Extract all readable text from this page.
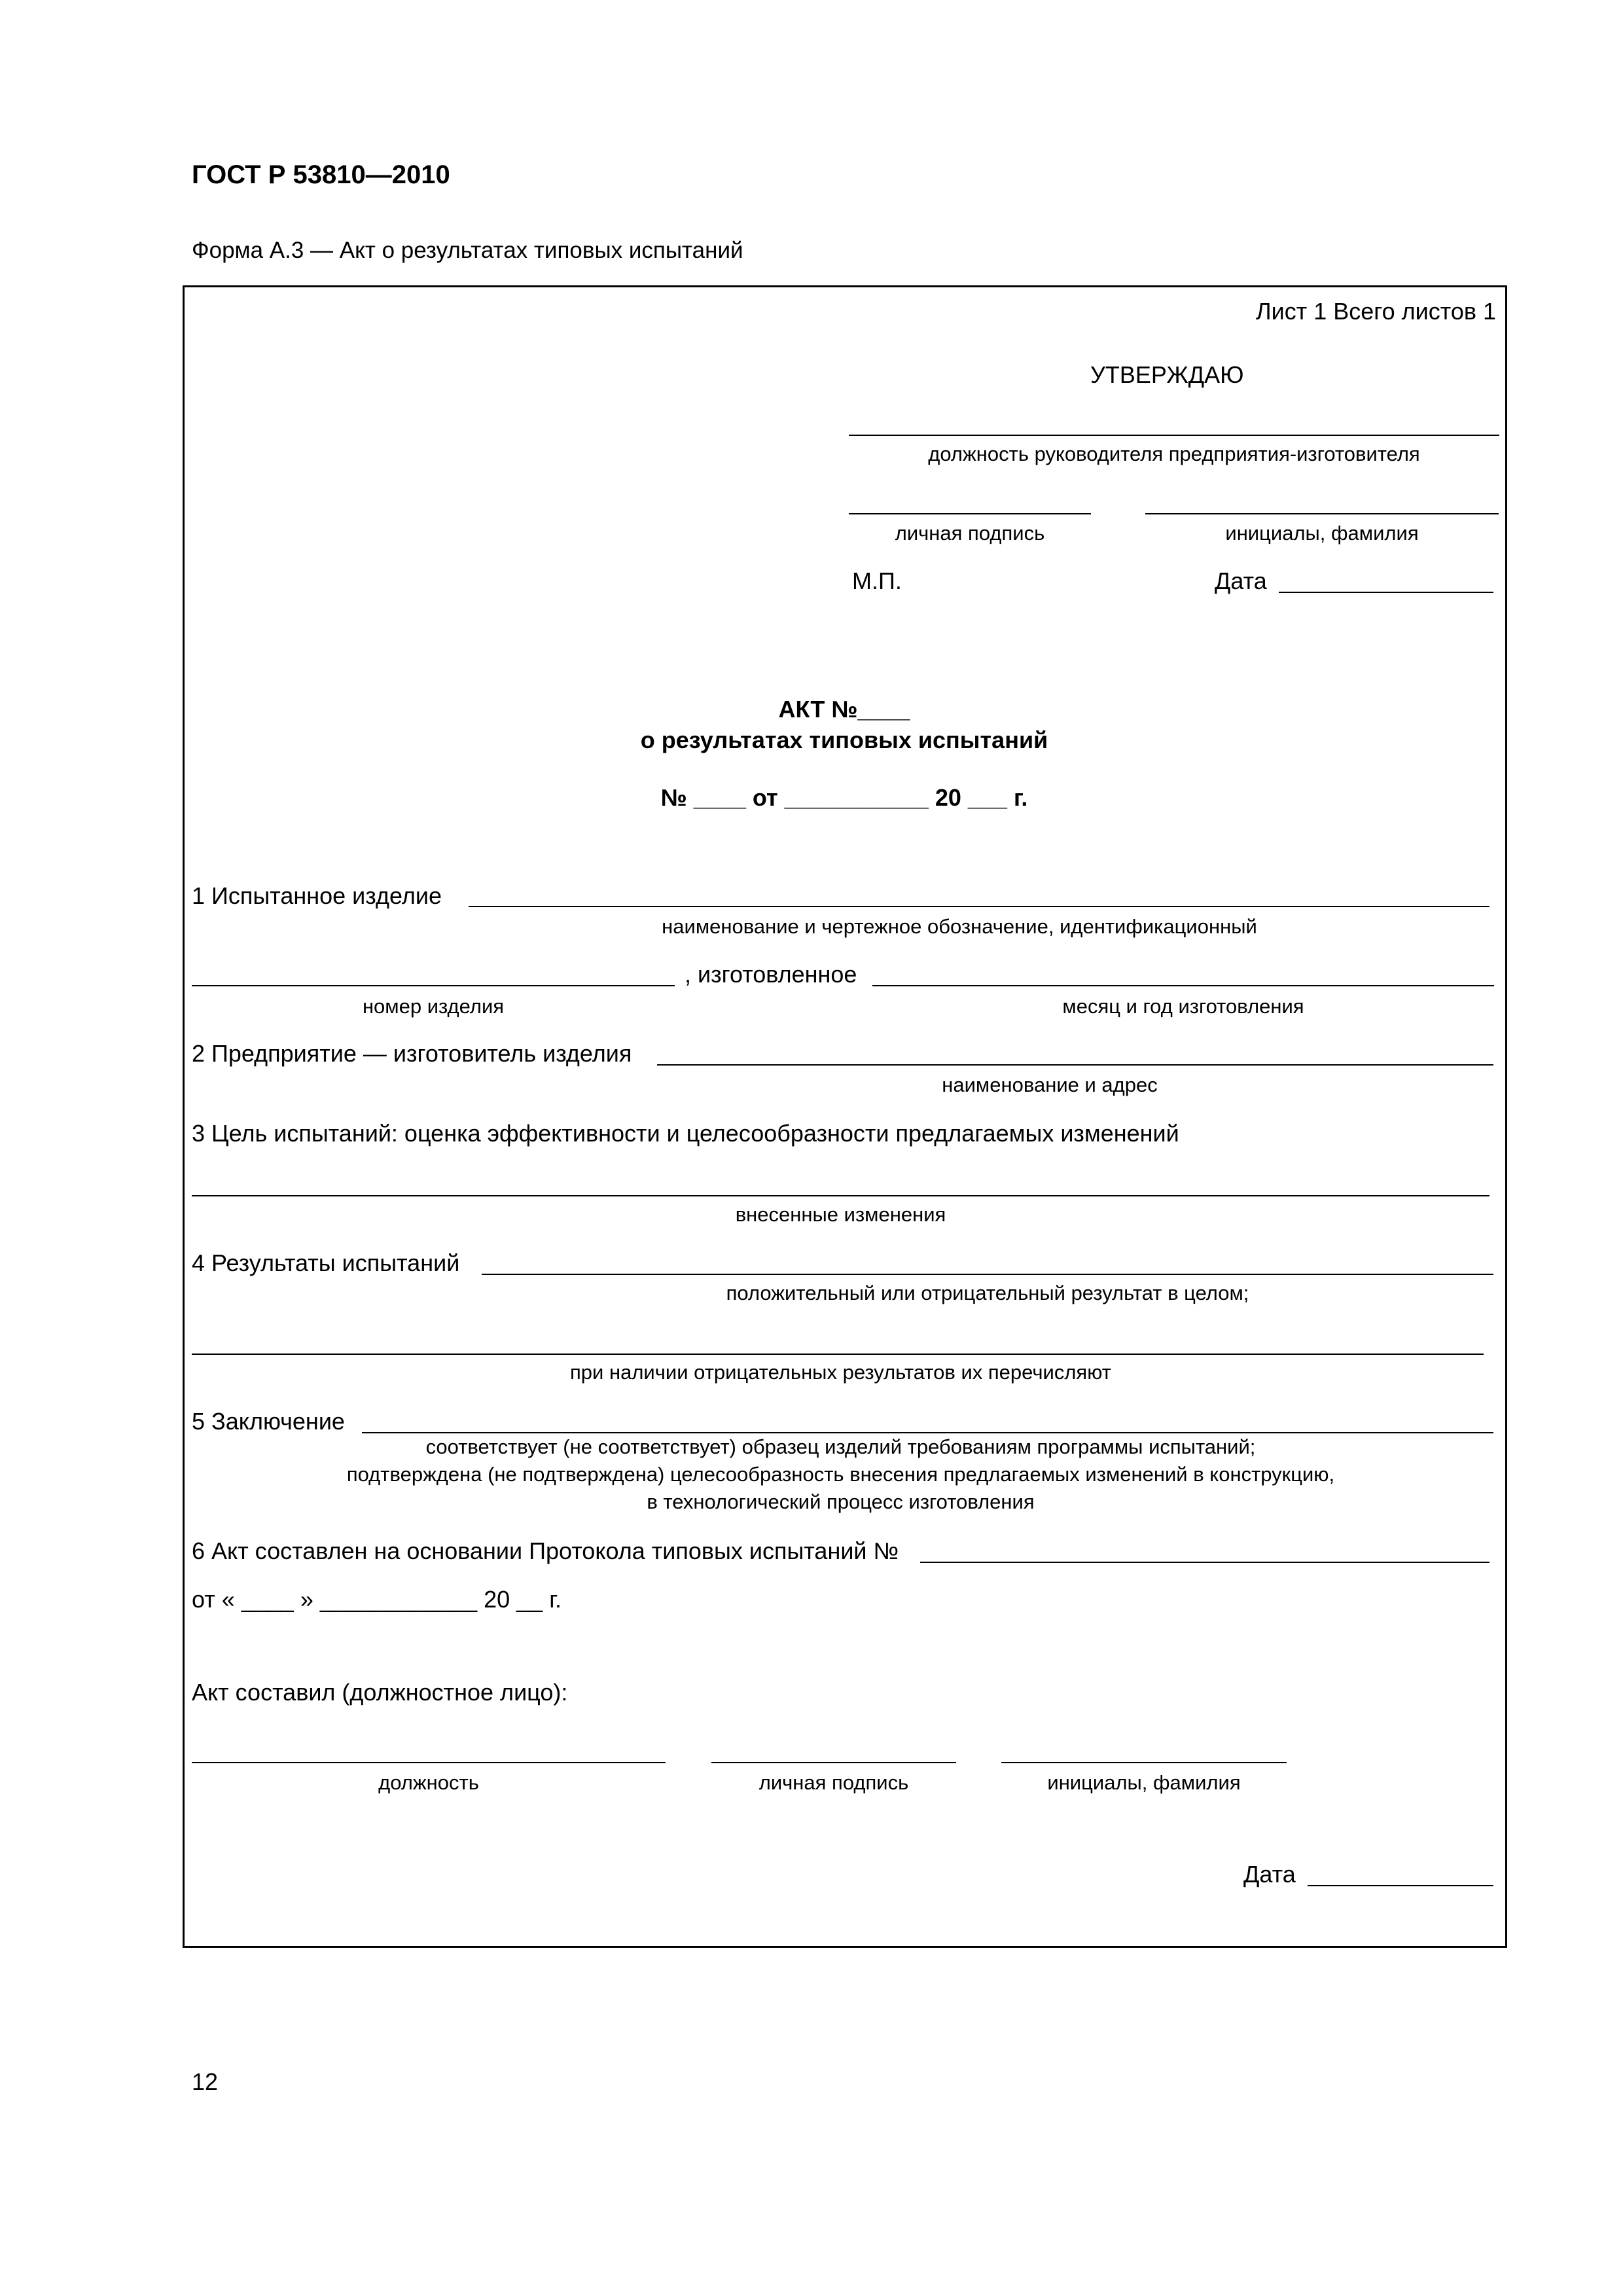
ГОСТ Р 53810—2010
Форма А.3 — Акт о результатах типовых испытаний
Лист 1 Всего листов 1
УТВЕРЖДАЮ
должность руководителя предприятия-изготовителя
личная подпись	инициалы, фамилия
М.П.	Дата
АКТ №____
о результатах типовых испытаний
№ ____ от ___________ 20 ___ г.
1 Испытанное изделие
наименование и чертежное обозначение, идентификационный
, изготовленное
номер изделия	месяц и год изготовления
2 Предприятие — изготовитель изделия
наименование и адрес
3 Цель испытаний: оценка эффективности и целесообразности предлагаемых изменений
внесенные изменения
4 Результаты испытаний
положительный или отрицательный результат в целом;
при наличии отрицательных результатов их перечисляют
5 Заключение
соответствует (не соответствует) образец изделий требованиям программы испытаний;
подтверждена (не подтверждена) целесообразность внесения предлагаемых изменений в конструкцию,
в технологический процесс изготовления
6 Акт составлен на основании Протокола типовых испытаний №
от « ____ » ____________ 20 __ г.
Акт составил (должностное лицо):
должность	личная подпись	инициалы, фамилия
Дата
12
